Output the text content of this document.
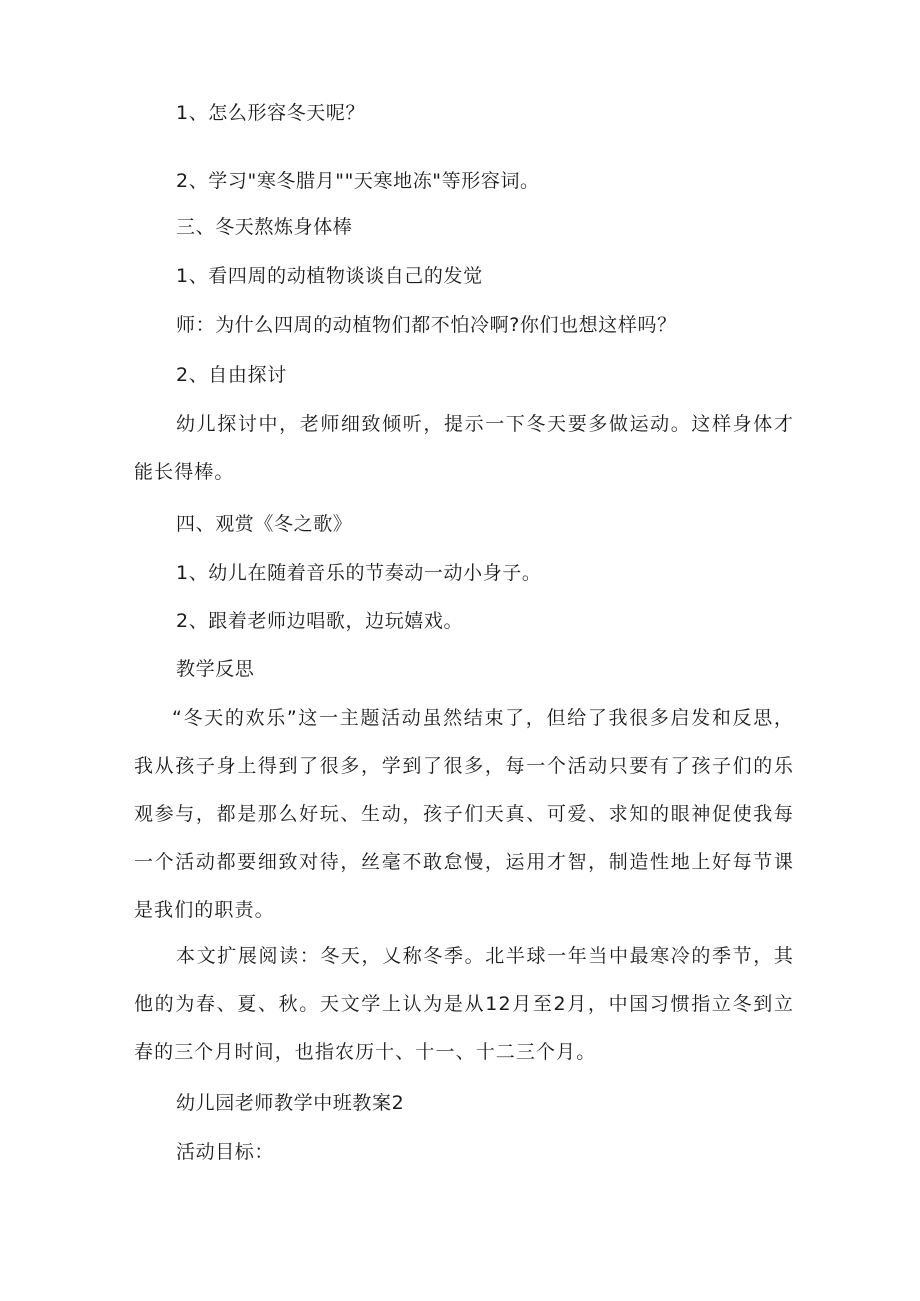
1、怎么形容冬天呢？
2、学习"寒冬腊月""天寒地冻"等形容词。
三、冬天熬炼身体棒
1、看四周的动植物谈谈自己的发觉
师：为什么四周的动植物们都不怕冷啊?你们也想这样吗？
2、自由探讨
幼儿探讨中，老师细致倾听，提示一下冬天要多做运动。这样身体才能长得棒。
四、观赏《冬之歌》
1、幼儿在随着音乐的节奏动一动小身子。
2、跟着老师边唱歌，边玩嬉戏。
教学反思
“冬天的欢乐”这一主题活动虽然结束了，但给了我很多启发和反思，我从孩子身上得到了很多，学到了很多，每一个活动只要有了孩子们的乐观参与，都是那么好玩、生动，孩子们天真、可爱、求知的眼神促使我每一个活动都要细致对待，丝毫不敢怠慢，运用才智，制造性地上好每节课是我们的职责。
本文扩展阅读：冬天，乂称冬季。北半球一年当中最寒冷的季节，其他的为春、夏、秋。天文学上认为是从12月至2月，中国习惯指立冬到立春的三个月时间，也指农历十、十一、十二三个月。
幼儿园老师教学中班教案2
活动目标：
